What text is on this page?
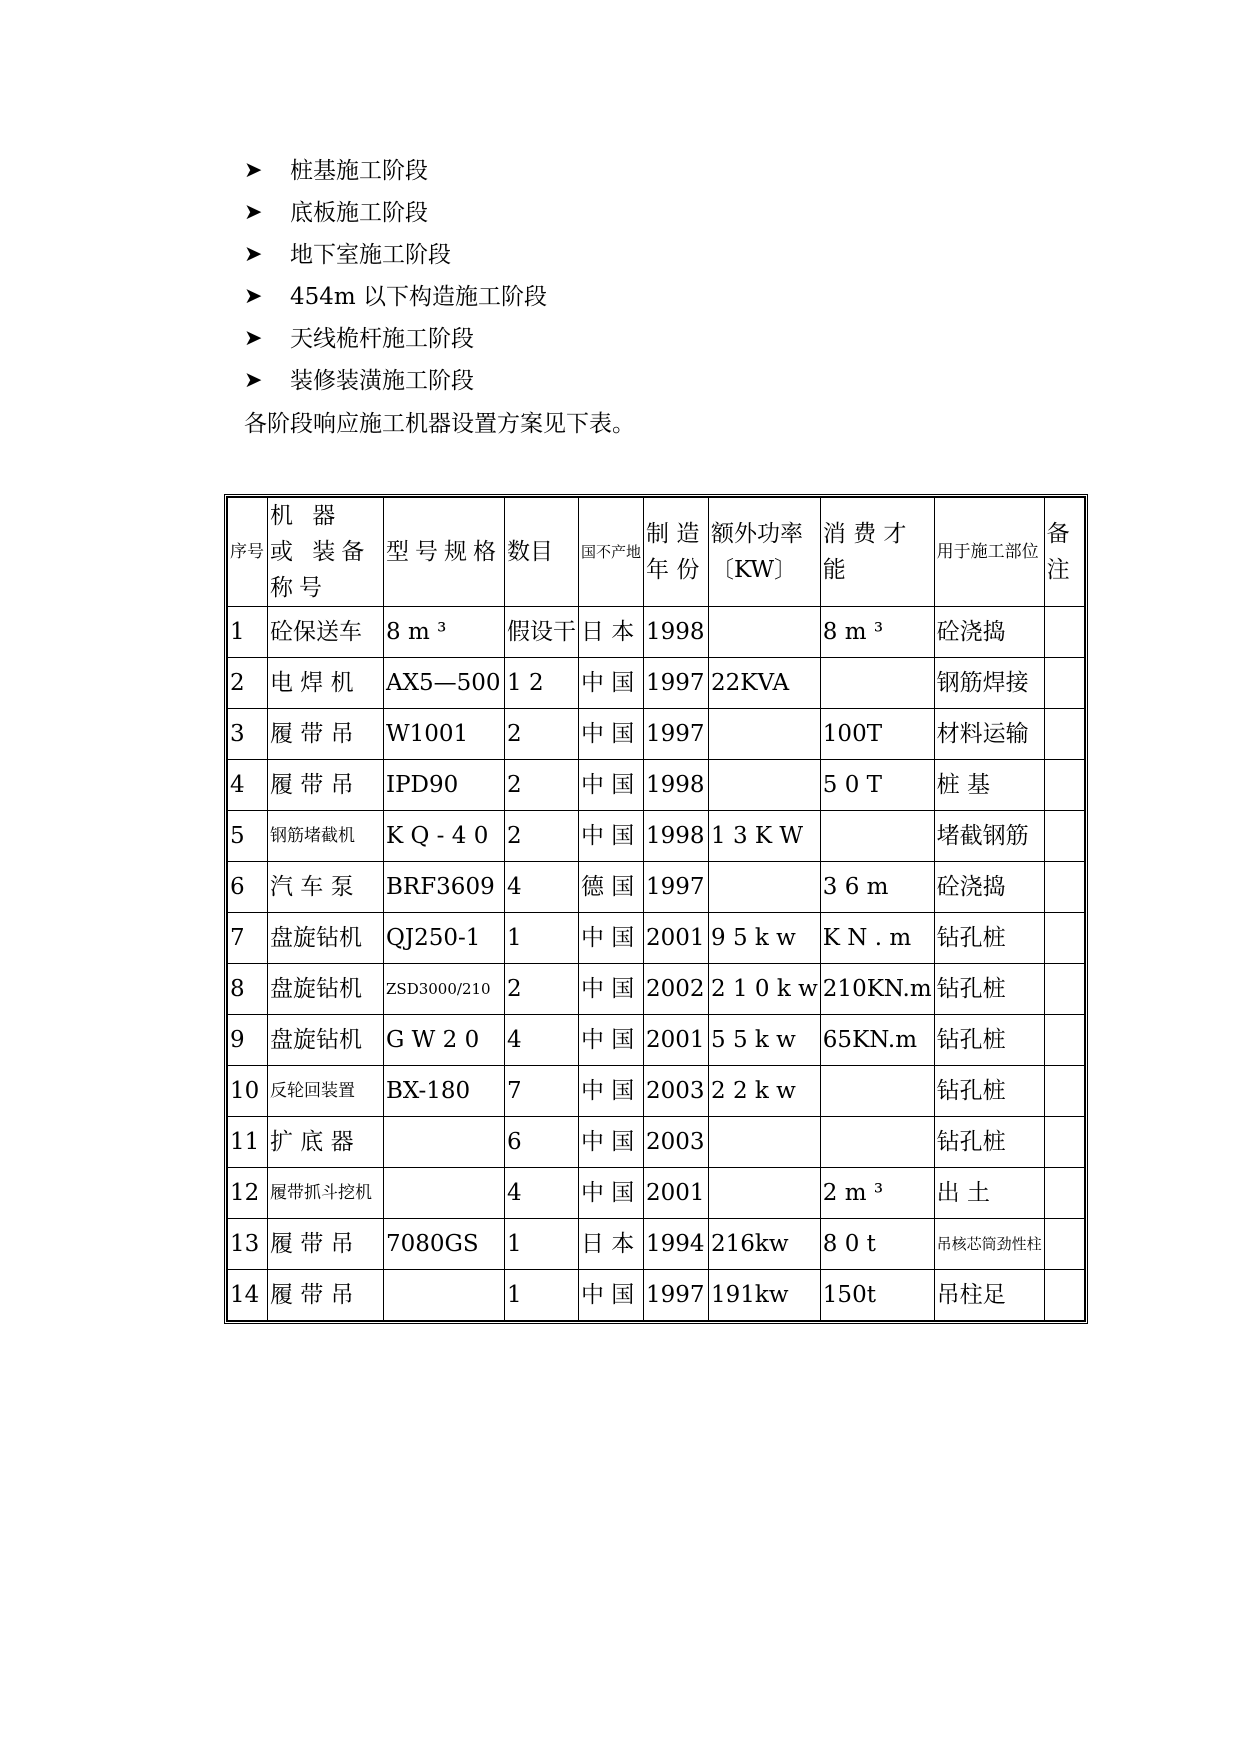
➤	桩基施工阶段
➤	底板施工阶段
➤	地下室施工阶段
➤	454m 以下构造施工阶段
➤	天线桅杆施工阶段
➤	装修装潢施工阶段

各阶段响应施工机器设置方案见下表。

序号	机 器 或 装备称号	型号规格	数目	国不产地	制 造 年 份	额外功率〔KW〕	消 费 才 能	用于施工部位	备 注
1	砼保送车	8 m ³	假设干	日 本	1998		8 m ³	砼浇捣	
2	电 焊 机	AX5—500	1 2	中 国	1997	22KVA		钢筋焊接	
3	履 带 吊	W1001	2	中 国	1997		100T	材料运输	
4	履 带 吊	IPD90	2	中 国	1998		5 0 T	桩 基	
5	钢筋堵截机	K Q - 4 0	2	中 国	1998	1 3 K W		堵截钢筋	
6	汽 车 泵	BRF3609	4	德 国	1997		3 6 m	砼浇捣	
7	盘旋钻机	QJ250-1	1	中 国	2001	9 5 k w	K N . m	钻孔桩	
8	盘旋钻机	ZSD3000/210	2	中 国	2002	2 1 0 k w	210KN.m	钻孔桩	
9	盘旋钻机	G W 2 0	4	中 国	2001	5 5 k w	65KN.m	钻孔桩	
10	反轮回装置	BX-180	7	中 国	2003	2 2 k w		钻孔桩	
11	扩 底 器		6	中 国	2003			钻孔桩	
12	履带抓斗挖机		4	中 国	2001		2 m ³	出 土	
13	履 带 吊	7080GS	1	日 本	1994	216kw	8 0 t	吊核芯筒劲性柱	
14	履 带 吊		1	中 国	1997	191kw	150t	吊柱足	
